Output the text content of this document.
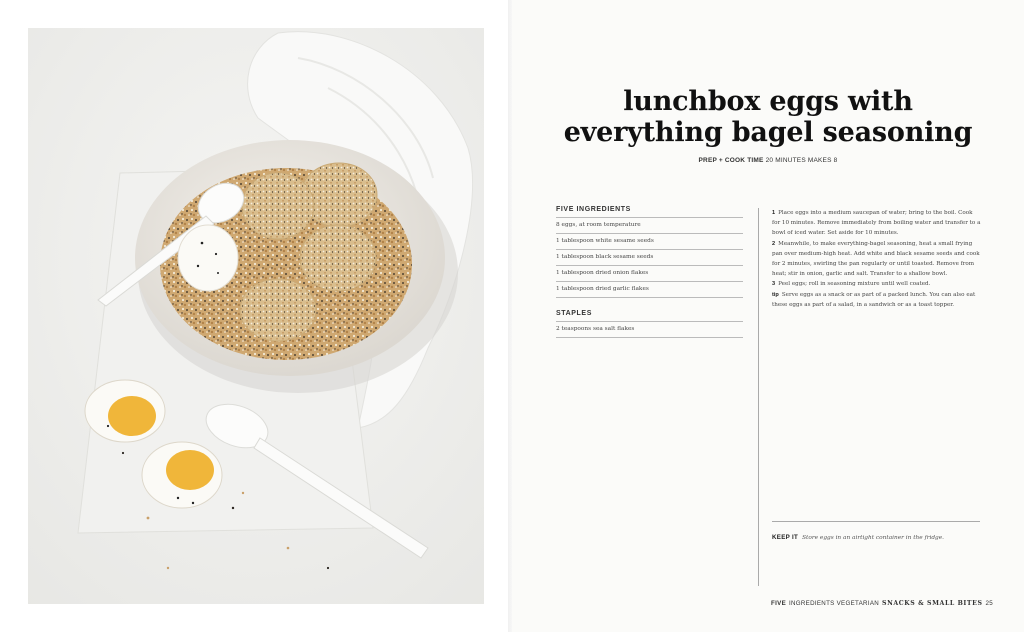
lunchbox eggs with
everything bagel seasoning
PREP + COOK TIME 20 MINUTES MAKES 8
FIVE INGREDIENTS
8 eggs, at room temperature
1 tablespoon white sesame seeds
1 tablespoon black sesame seeds
1 tablespoon dried onion flakes
1 tablespoon dried garlic flakes
STAPLES
2 teaspoons sea salt flakes

1 Place eggs into a medium saucepan of water; bring to the boil. Cook for 10 minutes. Remove immediately from boiling water and transfer to a bowl of iced water. Set aside for 10 minutes.

2 Meanwhile, to make everything-bagel seasoning, heat a small frying pan over medium-high heat. Add white and black sesame seeds and cook for 2 minutes, swirling the pan regularly or until toasted. Remove from heat; stir in onion, garlic and salt. Transfer to a shallow bowl.

3 Peel eggs; roll in seasoning mixture until well coated.

tip Serve eggs as a snack or as part of a packed lunch. You can also eat these eggs as part of a salad, in a sandwich or as a toast topper.

KEEP IT Store eggs in an airtight container in the fridge.
FIVE INGREDIENTS VEGETARIAN SNACKS & SMALL BITES 25
